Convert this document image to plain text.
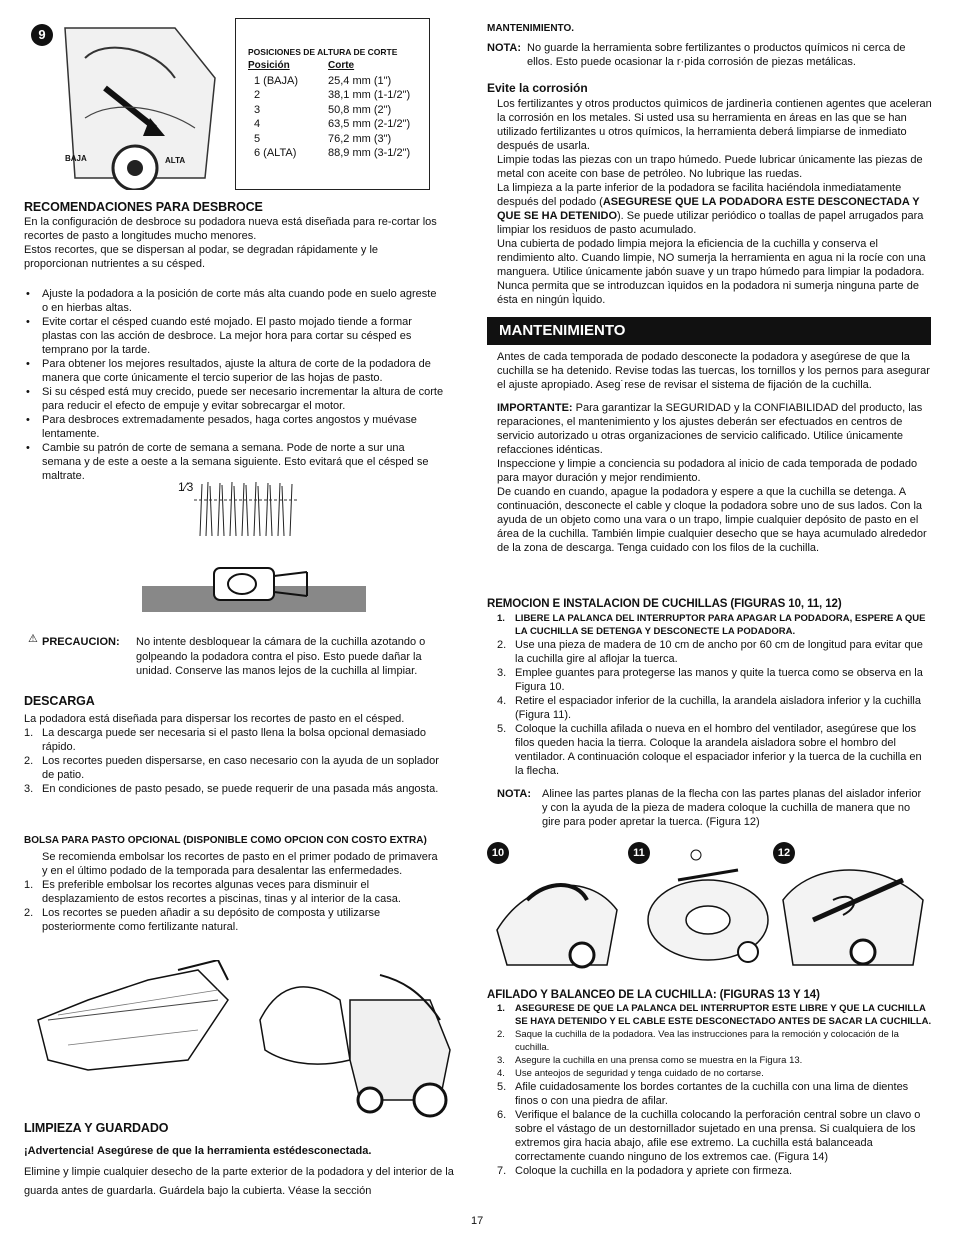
9
BAJA	ALTA
POSICIONES DE ALTURA DE CORTE
Posición	Corte
1 (BAJA)	25,4 mm (1")
2	38,1 mm (1-1/2")
3	50,8 mm (2")
4	63,5 mm (2-1/2")
5	76,2 mm (3")
6 (ALTA)	88,9 mm (3-1/2")
RECOMENDACIONES PARA DESBROCE

En la configuración de desbroce su podadora nueva está diseñada para re-cortar los recortes de pasto a longitudes mucho menores.

Estos recortes, que se dispersan al podar, se degradan rápidamente y le proporcionan nutrientes a su césped.

• Ajuste la podadora a la posición de corte más alta cuando pode en suelo agreste o en hierbas altas.
• Evite cortar el césped cuando esté mojado. El pasto mojado tiende a formar plastas con las acción de desbroce. La mejor hora para cortar su césped es temprano por la tarde.
• Para obtener los mejores resultados, ajuste la altura de corte de la podadora de manera que corte únicamente el tercio superior de las hojas de pasto.
• Si su césped está muy crecido, puede ser necesario incrementar la altura de corte para reducir el efecto de empuje y evitar sobrecargar el motor.
• Para desbroces extremadamente pesados, haga cortes angostos y muévase lentamente.
• Cambie su patrón de corte de semana a semana. Pode de norte a sur una semana y de este a oeste a la semana siguiente. Esto evitará que el césped se maltrate.
1⁄3
⚠ PRECAUCION: No intente desbloquear la cámara de la cuchilla azotando o golpeando la podadora contra el piso. Esto puede dañar la unidad. Conserve las manos lejos de la cuchilla al limpiar.
DESCARGA

La podadora está diseñada para dispersar los recortes de pasto en el césped.

1. La descarga puede ser necesaria si el pasto llena la bolsa opcional demasiado rápido.
2. Los recortes pueden dispersarse, en caso necesario con la ayuda de un soplador de patio.
3. En condiciones de pasto pesado, se puede requerir de una pasada más angosta.
BOLSA PARA PASTO OPCIONAL (DISPONIBLE COMO OPCION CON COSTO EXTRA)

Se recomienda embolsar los recortes de pasto en el primer podado de primavera y en el último podado de la temporada para desalentar las enfermedades.

1. Es preferible embolsar los recortes algunas veces para disminuir el desplazamiento de estos recortes a piscinas, tinas y al interior de la casa.
2. Los recortes se pueden añadir a su depósito de composta y utilizarse posteriormente como fertilizante natural.
LIMPIEZA Y GUARDADO
¡Advertencia! Asegúrese de que la herramienta estédesconectada.
Elimine y limpie cualquier desecho de la parte exterior de la podadora y del interior de la guarda antes de guardarla. Guárdela bajo la cubierta. Véase la sección
MANTENIMIENTO.
NOTA: No guarde la herramienta sobre fertilizantes o productos químicos ni cerca de ellos. Esto puede ocasionar la r·pida corrosión de piezas metálicas.
Evite la corrosión

Los fertilizantes y otros productos quìmicos de jardinerìa contienen agentes que aceleran la corrosión en los metales. Si usted usa su herramienta en áreas en las que se han utilizado fertilizantes u otros químicos, la herramienta deberá limpiarse de inmediato después de usarla.

Limpie todas las piezas con un trapo húmedo. Puede lubricar únicamente las piezas de metal con aceite con base de petróleo. No lubrique las ruedas.

La limpieza a la parte inferior de la podadora se facilita haciéndola inmediatamente después del podado (ASEGURESE QUE LA PODADORA ESTE DESCONECTADA Y QUE SE HA DETENIDO). Se puede utilizar periódico o toallas de papel arrugados para limpiar los residuos de pasto acumulado.

Una cubierta de podado limpia mejora la eficiencia de la cuchilla y conserva el rendimiento alto. Cuando limpie, NO sumerja la herramienta en agua ni la rocíe con una manguera. Utilice únicamente jabón suave y un trapo húmedo para limpiar la podadora. Nunca permita que se introduzcan ìquidos en la podadora ni sumerja ninguna parte de ésta en ningún Ìquido.

MANTENIMIENTO

Antes de cada temporada de podado desconecte la podadora y asegúrese de que la cuchilla se ha detenido. Revise todas las tuercas, los tornillos y los pernos para asegurar el ajuste apropiado. Aseg˙rese de revisar el sistema de fijación de la cuchilla.

IMPORTANTE: Para garantizar la SEGURIDAD y la CONFIABILIDAD del producto, las reparaciones, el mantenimiento y los ajustes deberán ser efectuados en centros de servicio autorizado u otras organizaciones de servicio calificado. Utilice únicamente refacciones idénticas.

Inspeccione y limpie a conciencia su podadora al inicio de cada temporada de podado para mayor duración y mejor rendimiento.

De cuando en cuando, apague la podadora y espere a que la cuchilla se detenga. A continuación, desconecte el cable y cloque la podadora sobre uno de sus lados. Con la ayuda de un objeto como una vara o un trapo, limpie cualquier depósito de pasto en el área de la cuchilla. También limpie cualquier desecho que se haya acumulado alrededor de la zona de descarga. Tenga cuidado con los filos de la cuchilla.

REMOCION E INSTALACION DE CUCHILLAS (FIGURAS 10, 11, 12)
1. LIBERE LA PALANCA DEL INTERRUPTOR PARA APAGAR LA PODADORA, ESPERE A QUE LA CUCHILLA SE DETENGA Y DESCONECTE LA PODADORA.
2. Use una pieza de madera de 10 cm de ancho por 60 cm de longitud para evitar que la cuchilla gire al aflojar la tuerca.
3. Emplee guantes para protegerse las manos y quite la tuerca como se observa en la Figura 10.
4. Retire el espaciador inferior de la cuchilla, la arandela aisladora inferior y la cuchilla (Figura 11).
5. Coloque la cuchilla afilada o nueva en el hombro del ventilador, asegúrese que los filos queden hacia la tierra. Coloque la arandela aisladora sobre el hombro del ventilador. A continuación coloque el espaciador inferior y la tuerca de la cuchilla en la flecha.
NOTA: Alinee las partes planas de la flecha con las partes planas del aislador inferior y con la ayuda de la pieza de madera coloque la cuchilla de manera que no gire para poder apretar la tuerca. (Figura 12)
10	11	12
AFILADO Y BALANCEO DE LA CUCHILLA: (FIGURAS 13 Y 14)
1. ASEGURESE DE QUE LA PALANCA DEL INTERRUPTOR ESTE LIBRE Y QUE LA CUCHILLA SE HAYA DETENIDO Y EL CABLE ESTE DESCONECTADO ANTES DE SACAR LA CUCHILLA.
2. Saque la cuchilla de la podadora. Vea las instrucciones para la remoción y colocación de la cuchilla.
3. Asegure la cuchilla en una prensa como se muestra en la Figura 13.
4. Use anteojos de seguridad y tenga cuidado de no cortarse.
5. Afile cuidadosamente los bordes cortantes de la cuchilla con una lima de dientes finos o con una piedra de afilar.
6. Verifique el balance de la cuchilla colocando la perforación central sobre un clavo o sobre el vástago de un destornillador sujetado en una prensa. Si cualquiera de los extremos gira hacia abajo, afile ese extremo. La cuchilla está balanceada correctamente cuando ninguno de los extremos cae. (Figura 14)
7. Coloque la cuchilla en la podadora y apriete con firmeza.
17
